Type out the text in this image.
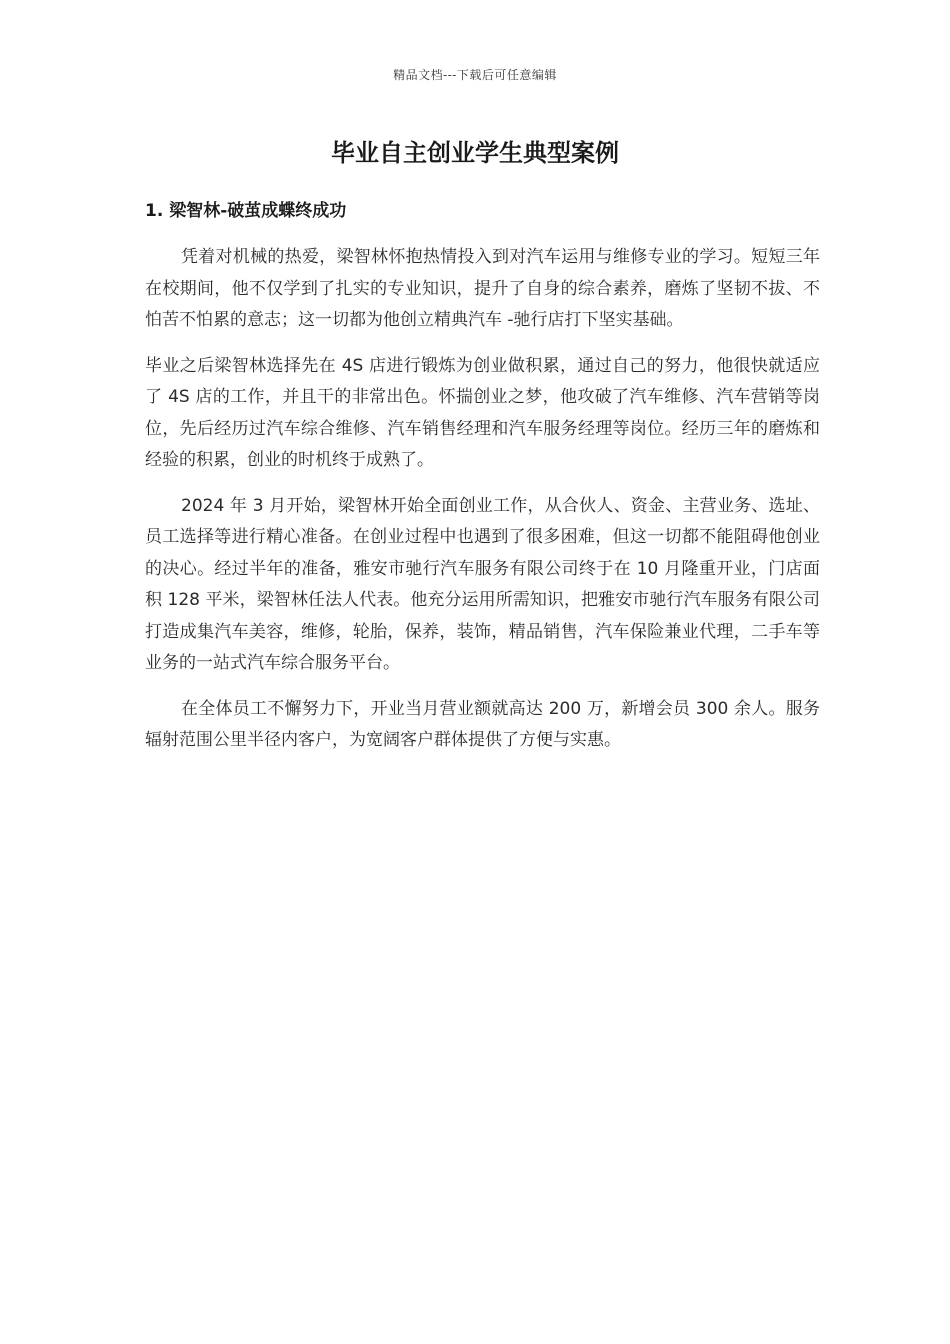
精品文档---下载后可任意编辑
毕业自主创业学生典型案例
1. 梁智林-破茧成蝶终成功

凭着对机械的热爱，梁智林怀抱热情投入到对汽车运用与维修专业的学习。短短三年在校期间，他不仅学到了扎实的专业知识，提升了自身的综合素养，磨炼了坚韧不拔、不怕苦不怕累的意志；这一切都为他创立精典汽车 -驰行店打下坚实基础。

毕业之后梁智林选择先在 4S 店进行锻炼为创业做积累，通过自己的努力，他很快就适应了 4S 店的工作，并且干的非常出色。怀揣创业之梦，他攻破了汽车维修、汽车营销等岗位，先后经历过汽车综合维修、汽车销售经理和汽车服务经理等岗位。经历三年的磨炼和经验的积累，创业的时机终于成熟了。

2024 年 3 月开始，梁智林开始全面创业工作，从合伙人、资金、主营业务、选址、员工选择等进行精心准备。在创业过程中也遇到了很多困难，但这一切都不能阻碍他创业的决心。经过半年的准备，雅安市驰行汽车服务有限公司终于在 10 月隆重开业，门店面积 128 平米，梁智林任法人代表。他充分运用所需知识，把雅安市驰行汽车服务有限公司打造成集汽车美容，维修，轮胎，保养，装饰，精品销售，汽车保险兼业代理，二手车等业务的一站式汽车综合服务平台。

在全体员工不懈努力下，开业当月营业额就高达 200 万，新增会员 300 余人。服务辐射范围公里半径内客户，为宽阔客户群体提供了方便与实惠。
